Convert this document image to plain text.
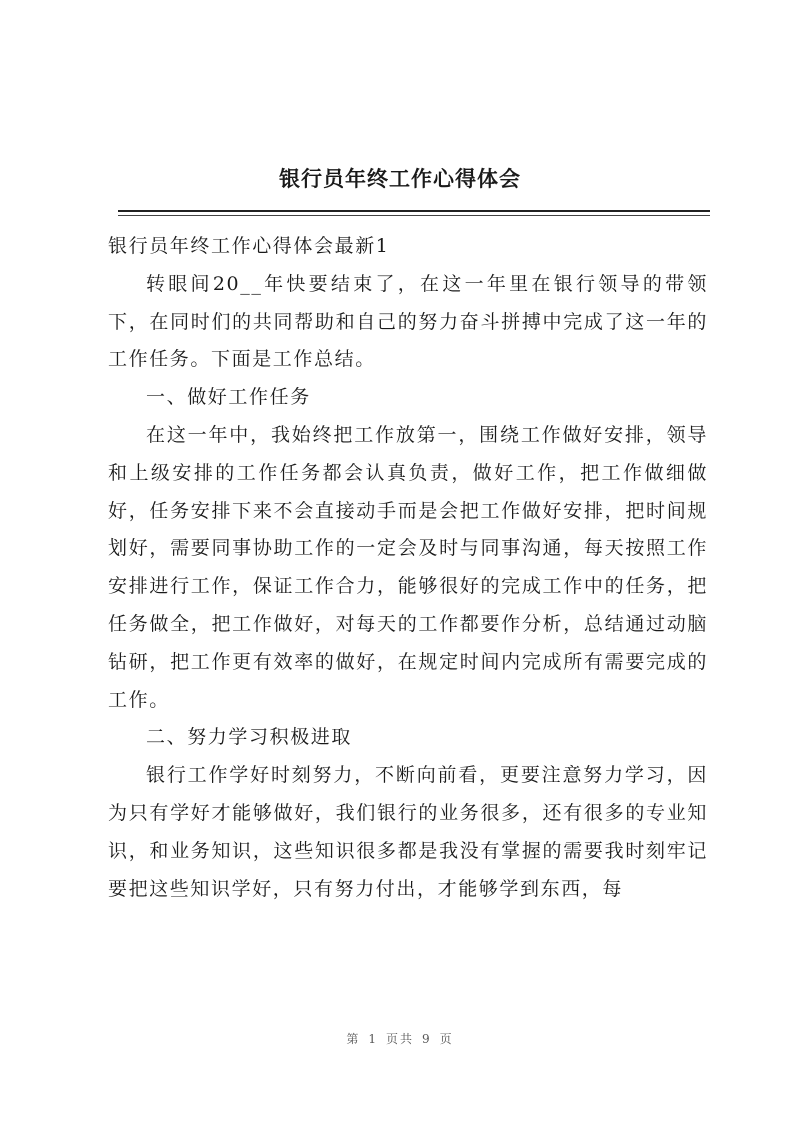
银行员年终工作心得体会

银行员年终工作心得体会最新1

转眼间20__年快要结束了，在这一年里在银行领导的带领下，在同时们的共同帮助和自己的努力奋斗拼搏中完成了这一年的工作任务。下面是工作总结。

一、做好工作任务

在这一年中，我始终把工作放第一，围绕工作做好安排，领导和上级安排的工作任务都会认真负责，做好工作，把工作做细做好，任务安排下来不会直接动手而是会把工作做好安排，把时间规划好，需要同事协助工作的一定会及时与同事沟通，每天按照工作安排进行工作，保证工作合力，能够很好的完成工作中的任务，把任务做全，把工作做好，对每天的工作都要作分析，总结通过动脑钻研，把工作更有效率的做好，在规定时间内完成所有需要完成的工作。

二、努力学习积极进取

银行工作学好时刻努力，不断向前看，更要注意努力学习，因为只有学好才能够做好，我们银行的业务很多，还有很多的专业知识，和业务知识，这些知识很多都是我没有掌握的需要我时刻牢记要把这些知识学好，只有努力付出，才能够学到东西，每

第 1 页共 9 页
